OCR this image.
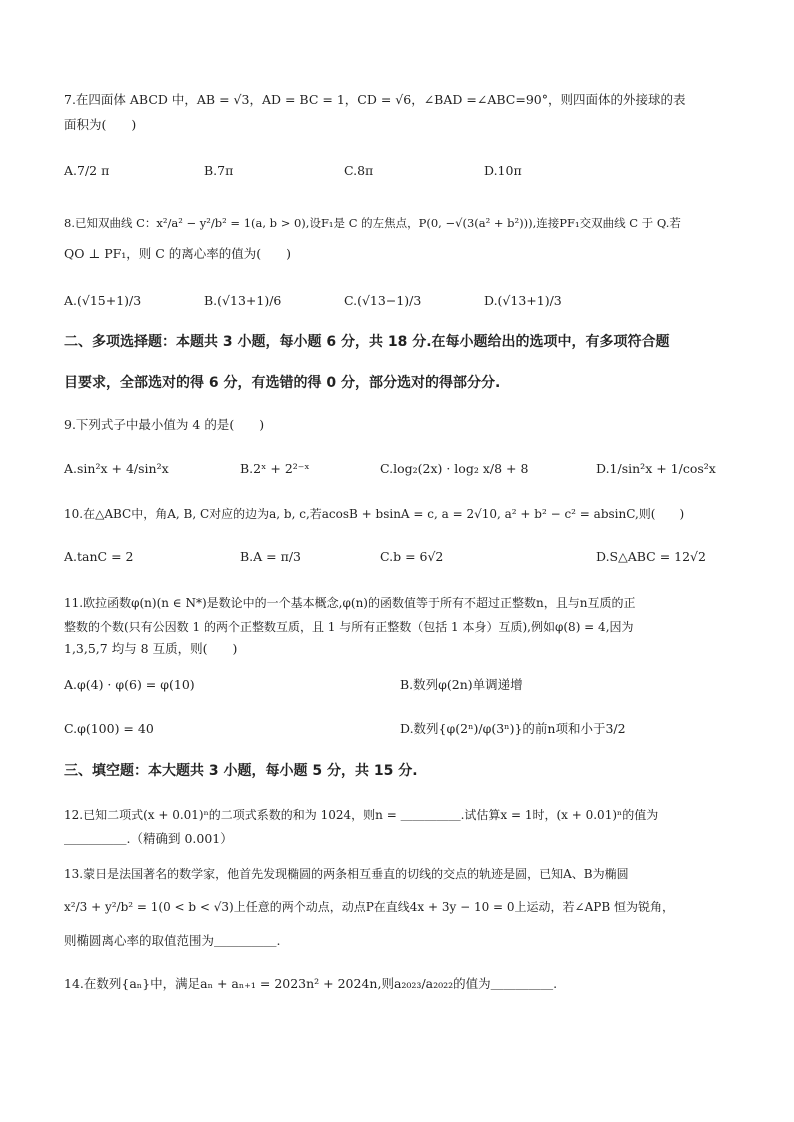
7.在四面体 ABCD 中，AB = √3，AD = BC = 1，CD = √6，∠BAD =∠ABC=90°，则四面体的外接球的表
面积为(　　)
A.7/2 π	B.7π	C.8π	D.10π
8.已知双曲线 C：x²/a² − y²/b² = 1(a, b > 0),设F₁是 C 的左焦点，P(0, −√(3(a² + b²))),连接PF₁交双曲线 C 于 Q.若
QO ⊥ PF₁，则 C 的离心率的值为(　　)
A.(√15+1)/3	B.(√13+1)/6	C.(√13−1)/3	D.(√13+1)/3
二、多项选择题：本题共 3 小题，每小题 6 分，共 18 分.在每小题给出的选项中，有多项符合题
目要求，全部选对的得 6 分，有选错的得 0 分，部分选对的得部分分.
9.下列式子中最小值为 4 的是(　　)
A.sin²x + 4/sin²x	B.2ˣ + 2²⁻ˣ	C.log₂(2x) · log₂ x/8 + 8	D.1/sin²x + 1/cos²x
10.在△ABC中，角A, B, C对应的边为a, b, c,若acosB + bsinA = c, a = 2√10, a² + b² − c² = absinC,则(　　)
A.tanC = 2	B.A = π/3	C.b = 6√2	D.S△ABC = 12√2
11.欧拉函数φ(n)(n ∈ N*)是数论中的一个基本概念,φ(n)的函数值等于所有不超过正整数n，且与n互质的正
整数的个数(只有公因数 1 的两个正整数互质，且 1 与所有正整数（包括 1 本身）互质),例如φ(8) = 4,因为
1,3,5,7 均与 8 互质，则(　　)
A.φ(4) · φ(6) = φ(10)	B.数列φ(2n)单调递增
C.φ(100) = 40	D.数列{φ(2ⁿ)/φ(3ⁿ)}的前n项和小于3/2
三、填空题：本大题共 3 小题，每小题 5 分，共 15 分.
12.已知二项式(x + 0.01)ⁿ的二项式系数的和为 1024，则n = ＿＿＿＿＿.试估算x = 1时，(x + 0.01)ⁿ的值为
＿＿＿＿＿.（精确到 0.001）
13.蒙日是法国著名的数学家，他首先发现椭圆的两条相互垂直的切线的交点的轨迹是圆，已知A、B为椭圆
x²/3 + y²/b² = 1(0 < b < √3)上任意的两个动点，动点P在直线4x + 3y − 10 = 0上运动，若∠APB 恒为锐角，
则椭圆离心率的取值范围为＿＿＿＿＿.
14.在数列{aₙ}中，满足aₙ + aₙ₊₁ = 2023n² + 2024n,则a₂₀₂₃/a₂₀₂₂的值为＿＿＿＿＿.
